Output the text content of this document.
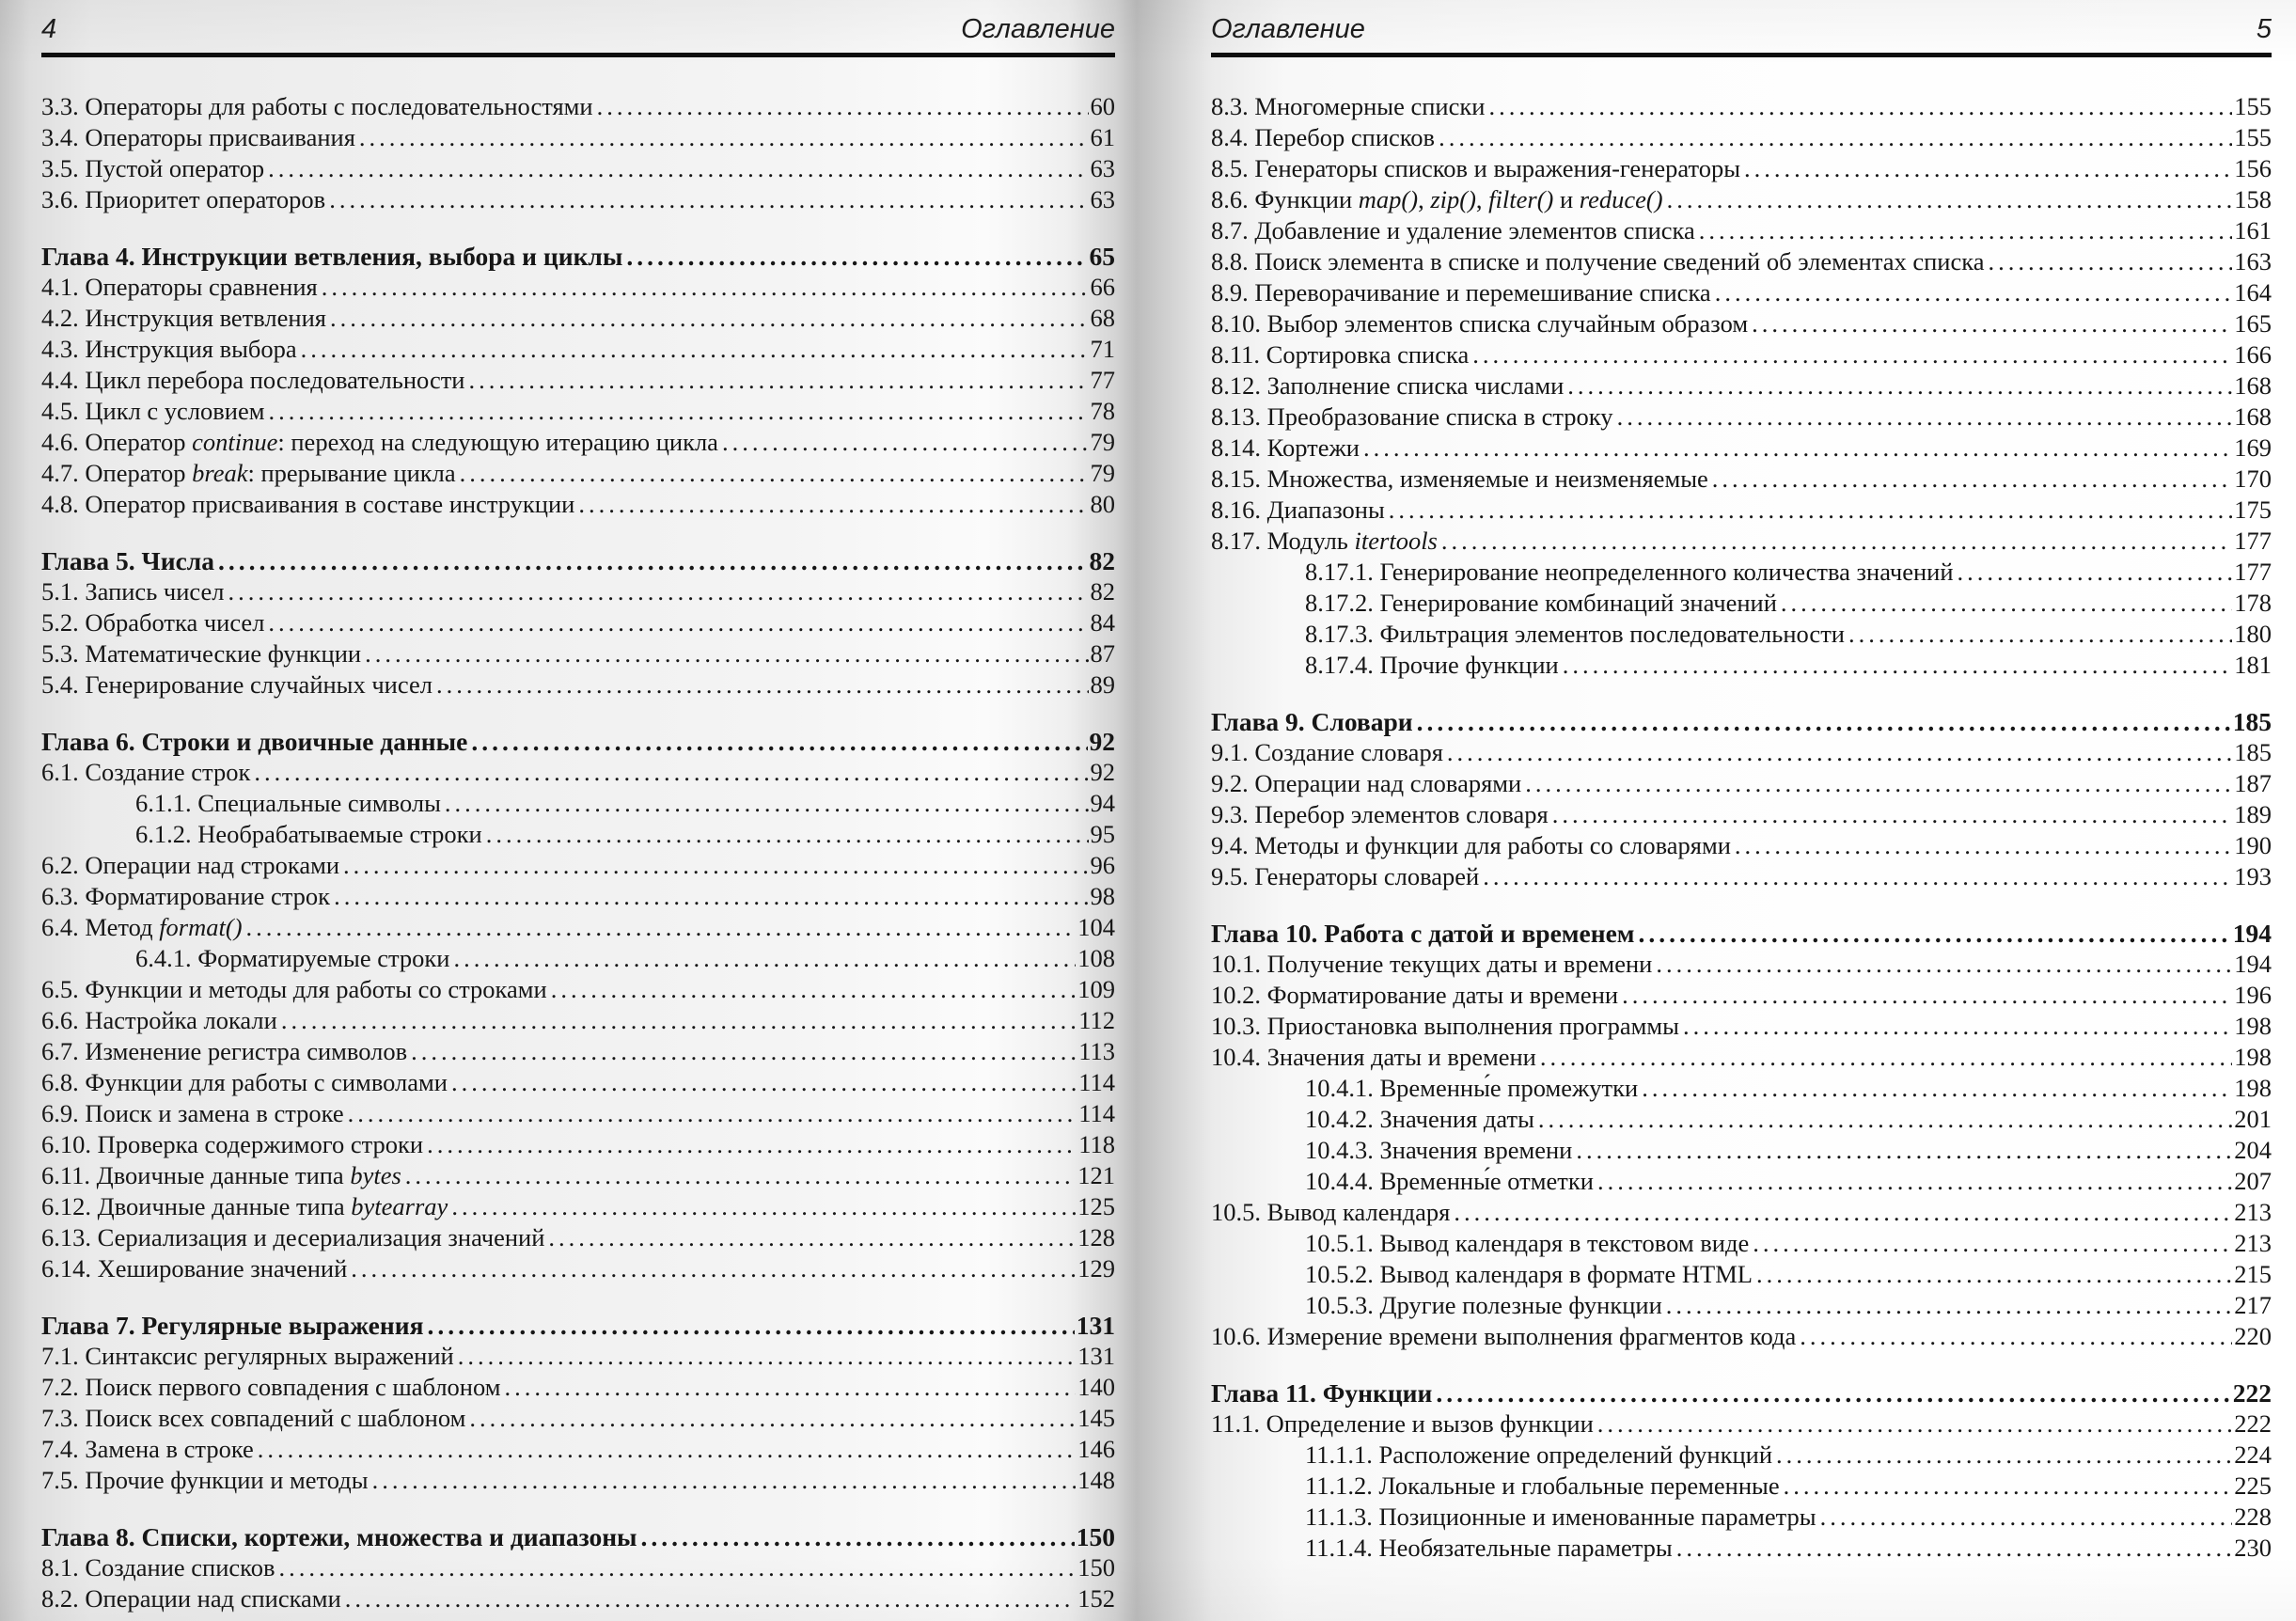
4	Оглавление
3.3. Операторы для работы с последовательностями .....	60
3.4. Операторы присваивания .....	61
3.5. Пустой оператор .....	63
3.6. Приоритет операторов .....	63
Глава 4. Инструкции ветвления, выбора и циклы .....	65
4.1. Операторы сравнения .....	66
4.2. Инструкция ветвления .....	68
4.3. Инструкция выбора .....	71
4.4. Цикл перебора последовательности .....	77
4.5. Цикл с условием .....	78
4.6. Оператор continue: переход на следующую итерацию цикла .....	79
4.7. Оператор break: прерывание цикла .....	79
4.8. Оператор присваивания в составе инструкции .....	80
Глава 5. Числа .....	82
5.1. Запись чисел .....	82
5.2. Обработка чисел .....	84
5.3. Математические функции .....	87
5.4. Генерирование случайных чисел .....	89
Глава 6. Строки и двоичные данные .....	92
6.1. Создание строк .....	92
6.1.1. Специальные символы .....	94
6.1.2. Необрабатываемые строки .....	95
6.2. Операции над строками .....	96
6.3. Форматирование строк .....	98
6.4. Метод format() .....	104
6.4.1. Форматируемые строки .....	108
6.5. Функции и методы для работы со строками .....	109
6.6. Настройка локали .....	112
6.7. Изменение регистра символов .....	113
6.8. Функции для работы с символами .....	114
6.9. Поиск и замена в строке .....	114
6.10. Проверка содержимого строки .....	118
6.11. Двоичные данные типа bytes .....	121
6.12. Двоичные данные типа bytearray .....	125
6.13. Сериализация и десериализация значений .....	128
6.14. Хеширование значений .....	129
Глава 7. Регулярные выражения .....	131
7.1. Синтаксис регулярных выражений .....	131
7.2. Поиск первого совпадения с шаблоном .....	140
7.3. Поиск всех совпадений с шаблоном .....	145
7.4. Замена в строке .....	146
7.5. Прочие функции и методы .....	148
Глава 8. Списки, кортежи, множества и диапазоны .....	150
8.1. Создание списков .....	150
8.2. Операции над списками .....	152
Оглавление	5
8.3. Многомерные списки .....	155
8.4. Перебор списков .....	155
8.5. Генераторы списков и выражения-генераторы .....	156
8.6. Функции map(), zip(), filter() и reduce() .....	158
8.7. Добавление и удаление элементов списка .....	161
8.8. Поиск элемента в списке и получение сведений об элементах списка .....	163
8.9. Переворачивание и перемешивание списка .....	164
8.10. Выбор элементов списка случайным образом .....	165
8.11. Сортировка списка .....	166
8.12. Заполнение списка числами .....	168
8.13. Преобразование списка в строку .....	168
8.14. Кортежи .....	169
8.15. Множества, изменяемые и неизменяемые .....	170
8.16. Диапазоны .....	175
8.17. Модуль itertools .....	177
8.17.1. Генерирование неопределенного количества значений .....	177
8.17.2. Генерирование комбинаций значений .....	178
8.17.3. Фильтрация элементов последовательности .....	180
8.17.4. Прочие функции .....	181
Глава 9. Словари .....	185
9.1. Создание словаря .....	185
9.2. Операции над словарями .....	187
9.3. Перебор элементов словаря .....	189
9.4. Методы и функции для работы со словарями .....	190
9.5. Генераторы словарей .....	193
Глава 10. Работа с датой и временем .....	194
10.1. Получение текущих даты и времени .....	194
10.2. Форматирование даты и времени .....	196
10.3. Приостановка выполнения программы .....	198
10.4. Значения даты и времени .....	198
10.4.1. Временны́е промежутки .....	198
10.4.2. Значения даты .....	201
10.4.3. Значения времени .....	204
10.4.4. Временны́е отметки .....	207
10.5. Вывод календаря .....	213
10.5.1. Вывод календаря в текстовом виде .....	213
10.5.2. Вывод календаря в формате HTML .....	215
10.5.3. Другие полезные функции .....	217
10.6. Измерение времени выполнения фрагментов кода .....	220
Глава 11. Функции .....	222
11.1. Определение и вызов функции .....	222
11.1.1. Расположение определений функций .....	224
11.1.2. Локальные и глобальные переменные .....	225
11.1.3. Позиционные и именованные параметры .....	228
11.1.4. Необязательные параметры .....	230
